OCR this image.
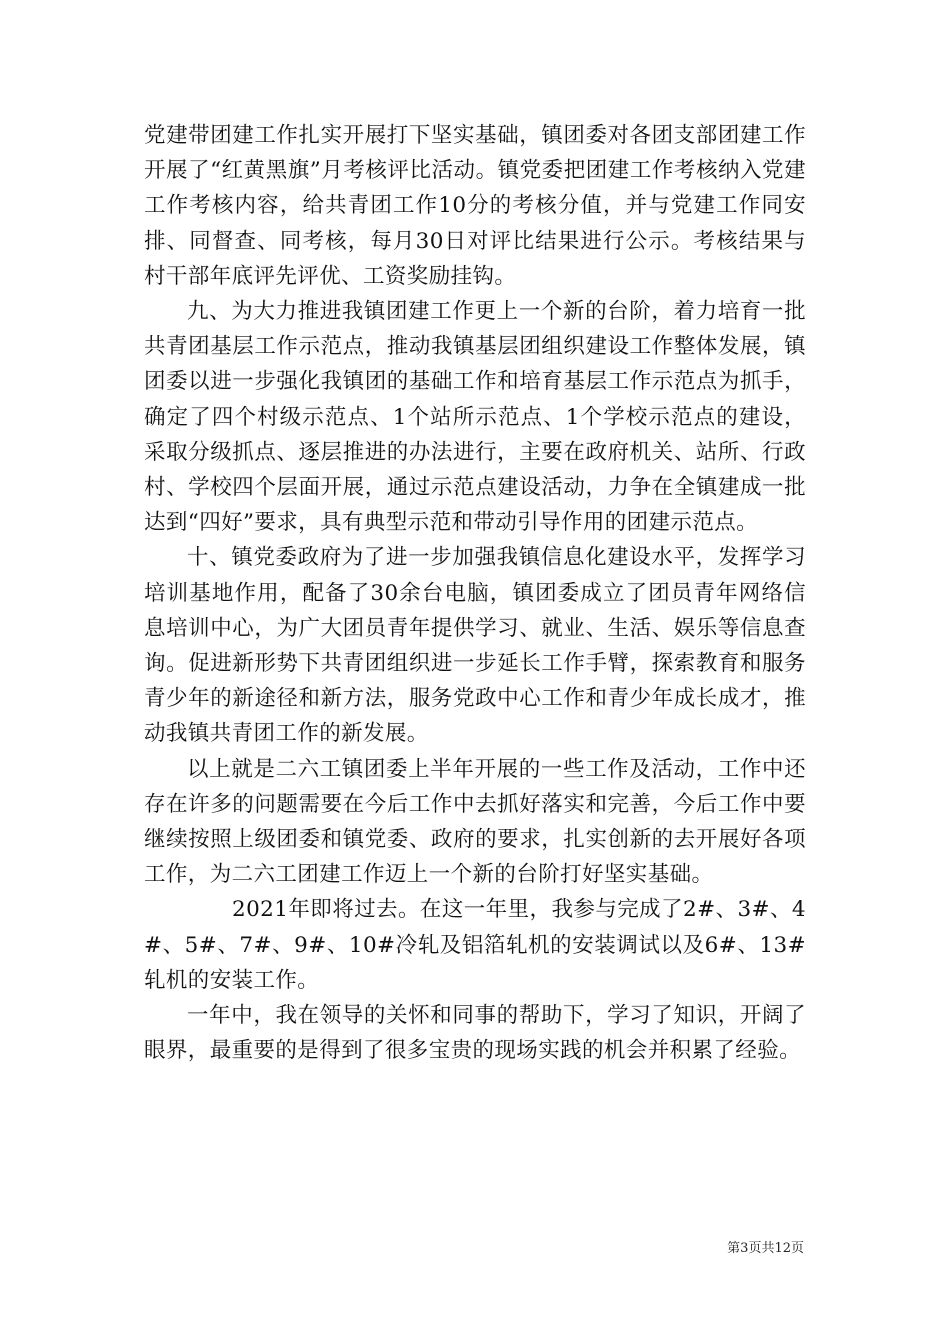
党建带团建工作扎实开展打下坚实基础，镇团委对各团支部团建工作开展了“红黄黑旗”月考核评比活动。镇党委把团建工作考核纳入党建工作考核内容，给共青团工作10分的考核分值，并与党建工作同安排、同督查、同考核，每月30日对评比结果进行公示。考核结果与村干部年底评先评优、工资奖励挂钩。

九、为大力推进我镇团建工作更上一个新的台阶，着力培育一批共青团基层工作示范点，推动我镇基层团组织建设工作整体发展，镇团委以进一步强化我镇团的基础工作和培育基层工作示范点为抓手，确定了四个村级示范点、1个站所示范点、1个学校示范点的建设，采取分级抓点、逐层推进的办法进行，主要在政府机关、站所、行政村、学校四个层面开展，通过示范点建设活动，力争在全镇建成一批达到“四好”要求，具有典型示范和带动引导作用的团建示范点。

十、镇党委政府为了进一步加强我镇信息化建设水平，发挥学习培训基地作用，配备了30余台电脑，镇团委成立了团员青年网络信息培训中心，为广大团员青年提供学习、就业、生活、娱乐等信息查询。促进新形势下共青团组织进一步延长工作手臂，探索教育和服务青少年的新途径和新方法，服务党政中心工作和青少年成长成才，推动我镇共青团工作的新发展。

以上就是二六工镇团委上半年开展的一些工作及活动，工作中还存在许多的问题需要在今后工作中去抓好落实和完善，今后工作中要继续按照上级团委和镇党委、政府的要求，扎实创新的去开展好各项工作，为二六工团建工作迈上一个新的台阶打好坚实基础。

2021年即将过去。在这一年里，我参与完成了2#、3#、4#、5#、7#、9#、10#冷轧及铝箔轧机的安装调试以及6#、13#轧机的安装工作。

一年中，我在领导的关怀和同事的帮助下，学习了知识，开阔了眼界，最重要的是得到了很多宝贵的现场实践的机会并积累了经验。

第3页共12页
